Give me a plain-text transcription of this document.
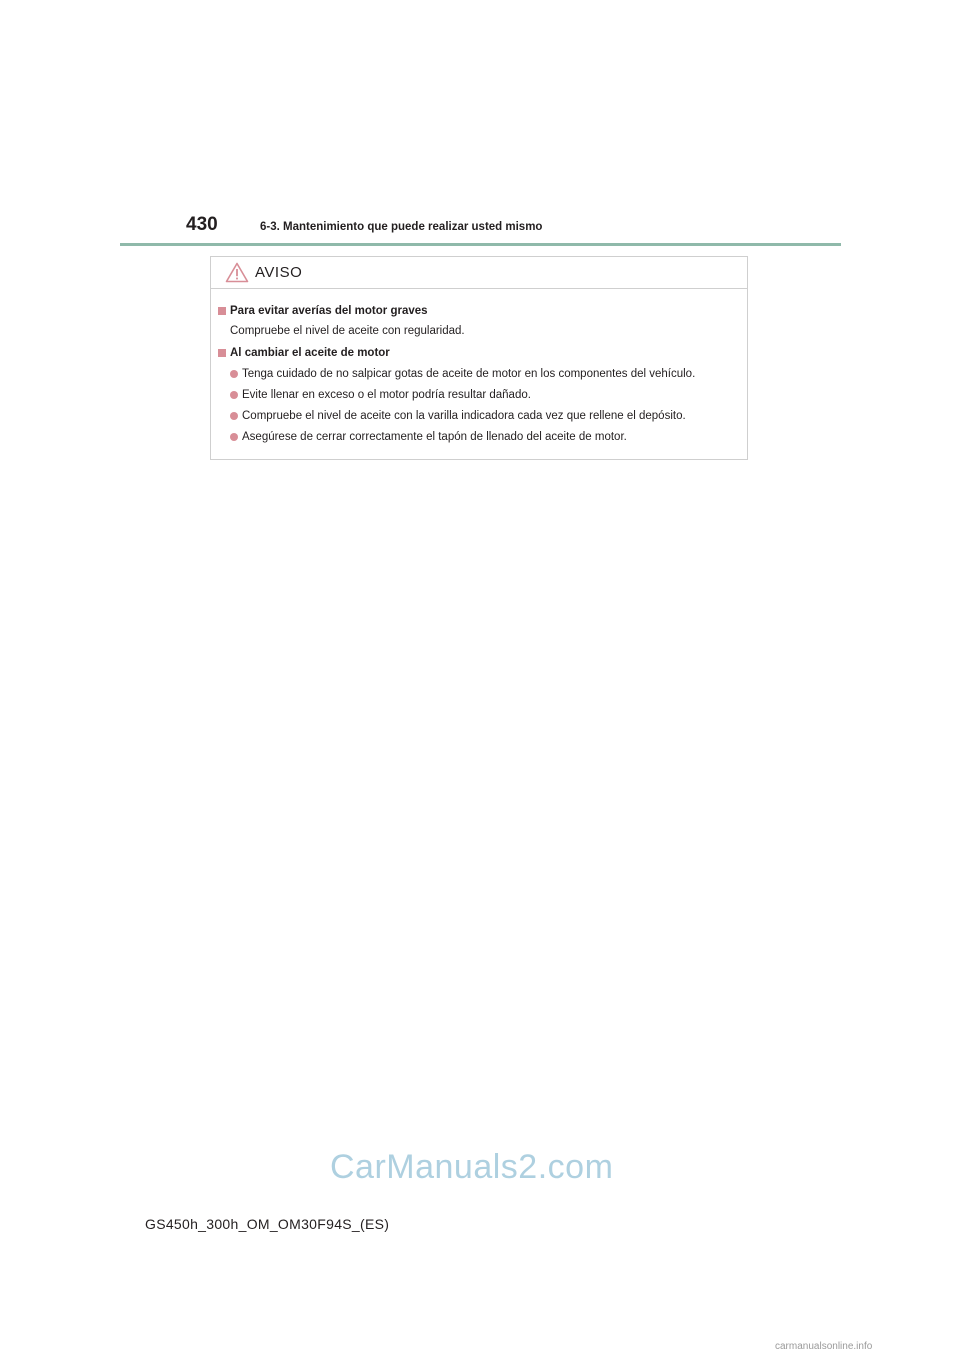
430	6-3. Mantenimiento que puede realizar usted mismo
AVISO
Para evitar averías del motor graves
Compruebe el nivel de aceite con regularidad.
Al cambiar el aceite de motor
Tenga cuidado de no salpicar gotas de aceite de motor en los componentes del vehículo.
Evite llenar en exceso o el motor podría resultar dañado.
Compruebe el nivel de aceite con la varilla indicadora cada vez que rellene el depósito.
Asegúrese de cerrar correctamente el tapón de llenado del aceite de motor.
CarManuals2.com
GS450h_300h_OM_OM30F94S_(ES)
carmanualsonline.info
